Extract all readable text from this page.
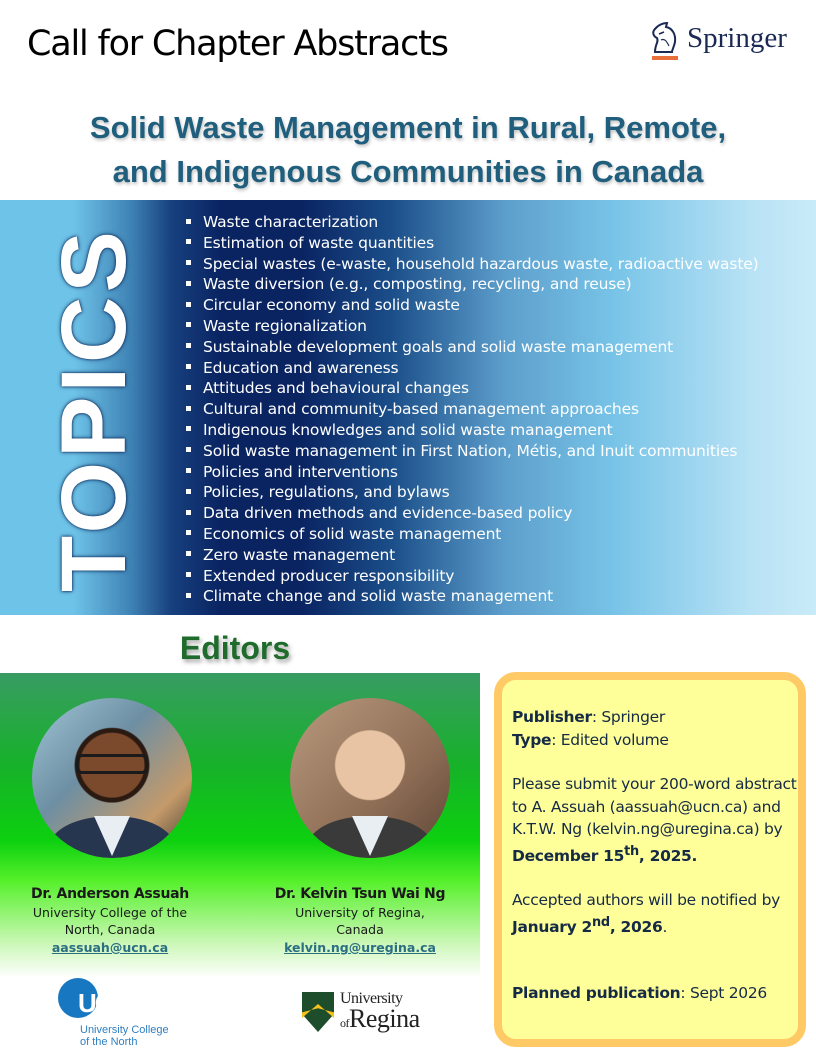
Call for Chapter Abstracts	Springer
Solid Waste Management in Rural, Remote,
and Indigenous Communities in Canada
TOPICS
Waste characterization
Estimation of waste quantities
Special wastes (e-waste, household hazardous waste, radioactive waste)
Waste diversion (e.g., composting, recycling, and reuse)
Circular economy and solid waste
Waste regionalization
Sustainable development goals and solid waste management
Education and awareness
Attitudes and behavioural changes
Cultural and community-based management approaches
Indigenous knowledges and solid waste management
Solid waste management in First Nation, Métis, and Inuit communities
Policies and interventions
Policies, regulations, and bylaws
Data driven methods and evidence-based policy
Economics of solid waste management
Zero waste management
Extended producer responsibility
Climate change and solid waste management
Editors
Dr. Anderson Assuah
University College of the
North, Canada
aassuah@ucn.ca
Dr. Kelvin Tsun Wai Ng
University of Regina,
Canada
kelvin.ng@uregina.ca
UCN
University College
of the North
University
ofRegina

Publisher: Springer

Type: Edited volume

Please submit your 200-word abstract to A. Assuah (aassuah@ucn.ca) and K.T.W. Ng (kelvin.ng@uregina.ca) by
December 15th, 2025.

Accepted authors will be notified by January 2nd, 2026.

Planned publication: Sept 2026
